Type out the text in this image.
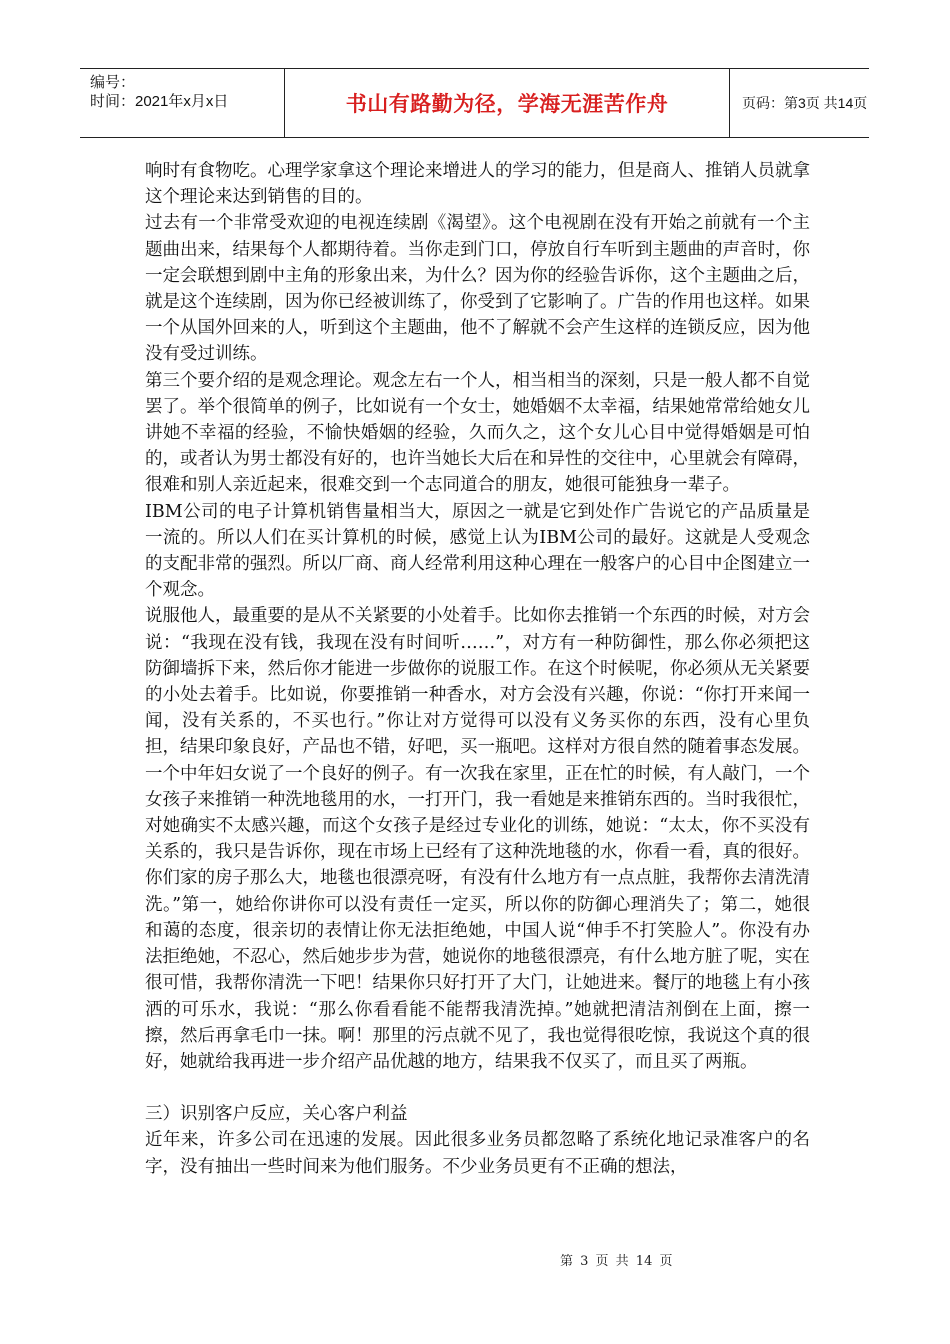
编号：
时间：2021年x月x日	书山有路勤为径，学海无涯苦作舟	页码：第3页 共14页

响时有食物吃。心理学家拿这个理论来增进人的学习的能力，但是商人、推销人员就拿这个理论来达到销售的目的。

过去有一个非常受欢迎的电视连续剧《渴望》。这个电视剧在没有开始之前就有一个主题曲出来，结果每个人都期待着。当你走到门口，停放自行车听到主题曲的声音时，你一定会联想到剧中主角的形象出来，为什么？因为你的经验告诉你，这个主题曲之后，就是这个连续剧，因为你已经被训练了，你受到了它影响了。广告的作用也这样。如果一个从国外回来的人，听到这个主题曲，他不了解就不会产生这样的连锁反应，因为他没有受过训练。

第三个要介绍的是观念理论。观念左右一个人，相当相当的深刻，只是一般人都不自觉罢了。举个很简单的例子，比如说有一个女士，她婚姻不太幸福，结果她常常给她女儿讲她不幸福的经验，不愉快婚姻的经验，久而久之，这个女儿心目中觉得婚姻是可怕的，或者认为男士都没有好的，也许当她长大后在和异性的交往中，心里就会有障碍，很难和别人亲近起来，很难交到一个志同道合的朋友，她很可能独身一辈子。

IBM公司的电子计算机销售量相当大，原因之一就是它到处作广告说它的产品质量是一流的。所以人们在买计算机的时候，感觉上认为IBM公司的最好。这就是人受观念的支配非常的强烈。所以厂商、商人经常利用这种心理在一般客户的心目中企图建立一个观念。

说服他人，最重要的是从不关紧要的小处着手。比如你去推销一个东西的时候，对方会说：“我现在没有钱，我现在没有时间听……”，对方有一种防御性，那么你必须把这防御墙拆下来，然后你才能进一步做你的说服工作。在这个时候呢，你必须从无关紧要的小处去着手。比如说，你要推销一种香水，对方会没有兴趣，你说：“你打开来闻一闻，没有关系的，不买也行。”你让对方觉得可以没有义务买你的东西，没有心里负担，结果印象良好，产品也不错，好吧，买一瓶吧。这样对方很自然的随着事态发展。

一个中年妇女说了一个良好的例子。有一次我在家里，正在忙的时候，有人敲门，一个女孩子来推销一种洗地毯用的水，一打开门，我一看她是来推销东西的。当时我很忙，对她确实不太感兴趣，而这个女孩子是经过专业化的训练，她说：“太太，你不买没有关系的，我只是告诉你，现在市场上已经有了这种洗地毯的水，你看一看，真的很好。你们家的房子那么大，地毯也很漂亮呀，有没有什么地方有一点点脏，我帮你去清洗清洗。”第一，她给你讲你可以没有责任一定买，所以你的防御心理消失了；第二，她很和蔼的态度，很亲切的表情让你无法拒绝她，中国人说“伸手不打笑脸人”。你没有办法拒绝她，不忍心，然后她步步为营，她说你的地毯很漂亮，有什么地方脏了呢，实在很可惜，我帮你清洗一下吧！结果你只好打开了大门，让她进来。餐厅的地毯上有小孩洒的可乐水，我说：“那么你看看能不能帮我清洗掉。”她就把清洁剂倒在上面，擦一擦，然后再拿毛巾一抹。啊！那里的污点就不见了，我也觉得很吃惊，我说这个真的很好，她就给我再进一步介绍产品优越的地方，结果我不仅买了，而且买了两瓶。

三）识别客户反应，关心客户利益

近年来，许多公司在迅速的发展。因此很多业务员都忽略了系统化地记录准客户的名字，没有抽出一些时间来为他们服务。不少业务员更有不正确的想法，

第 3 页 共 14 页
